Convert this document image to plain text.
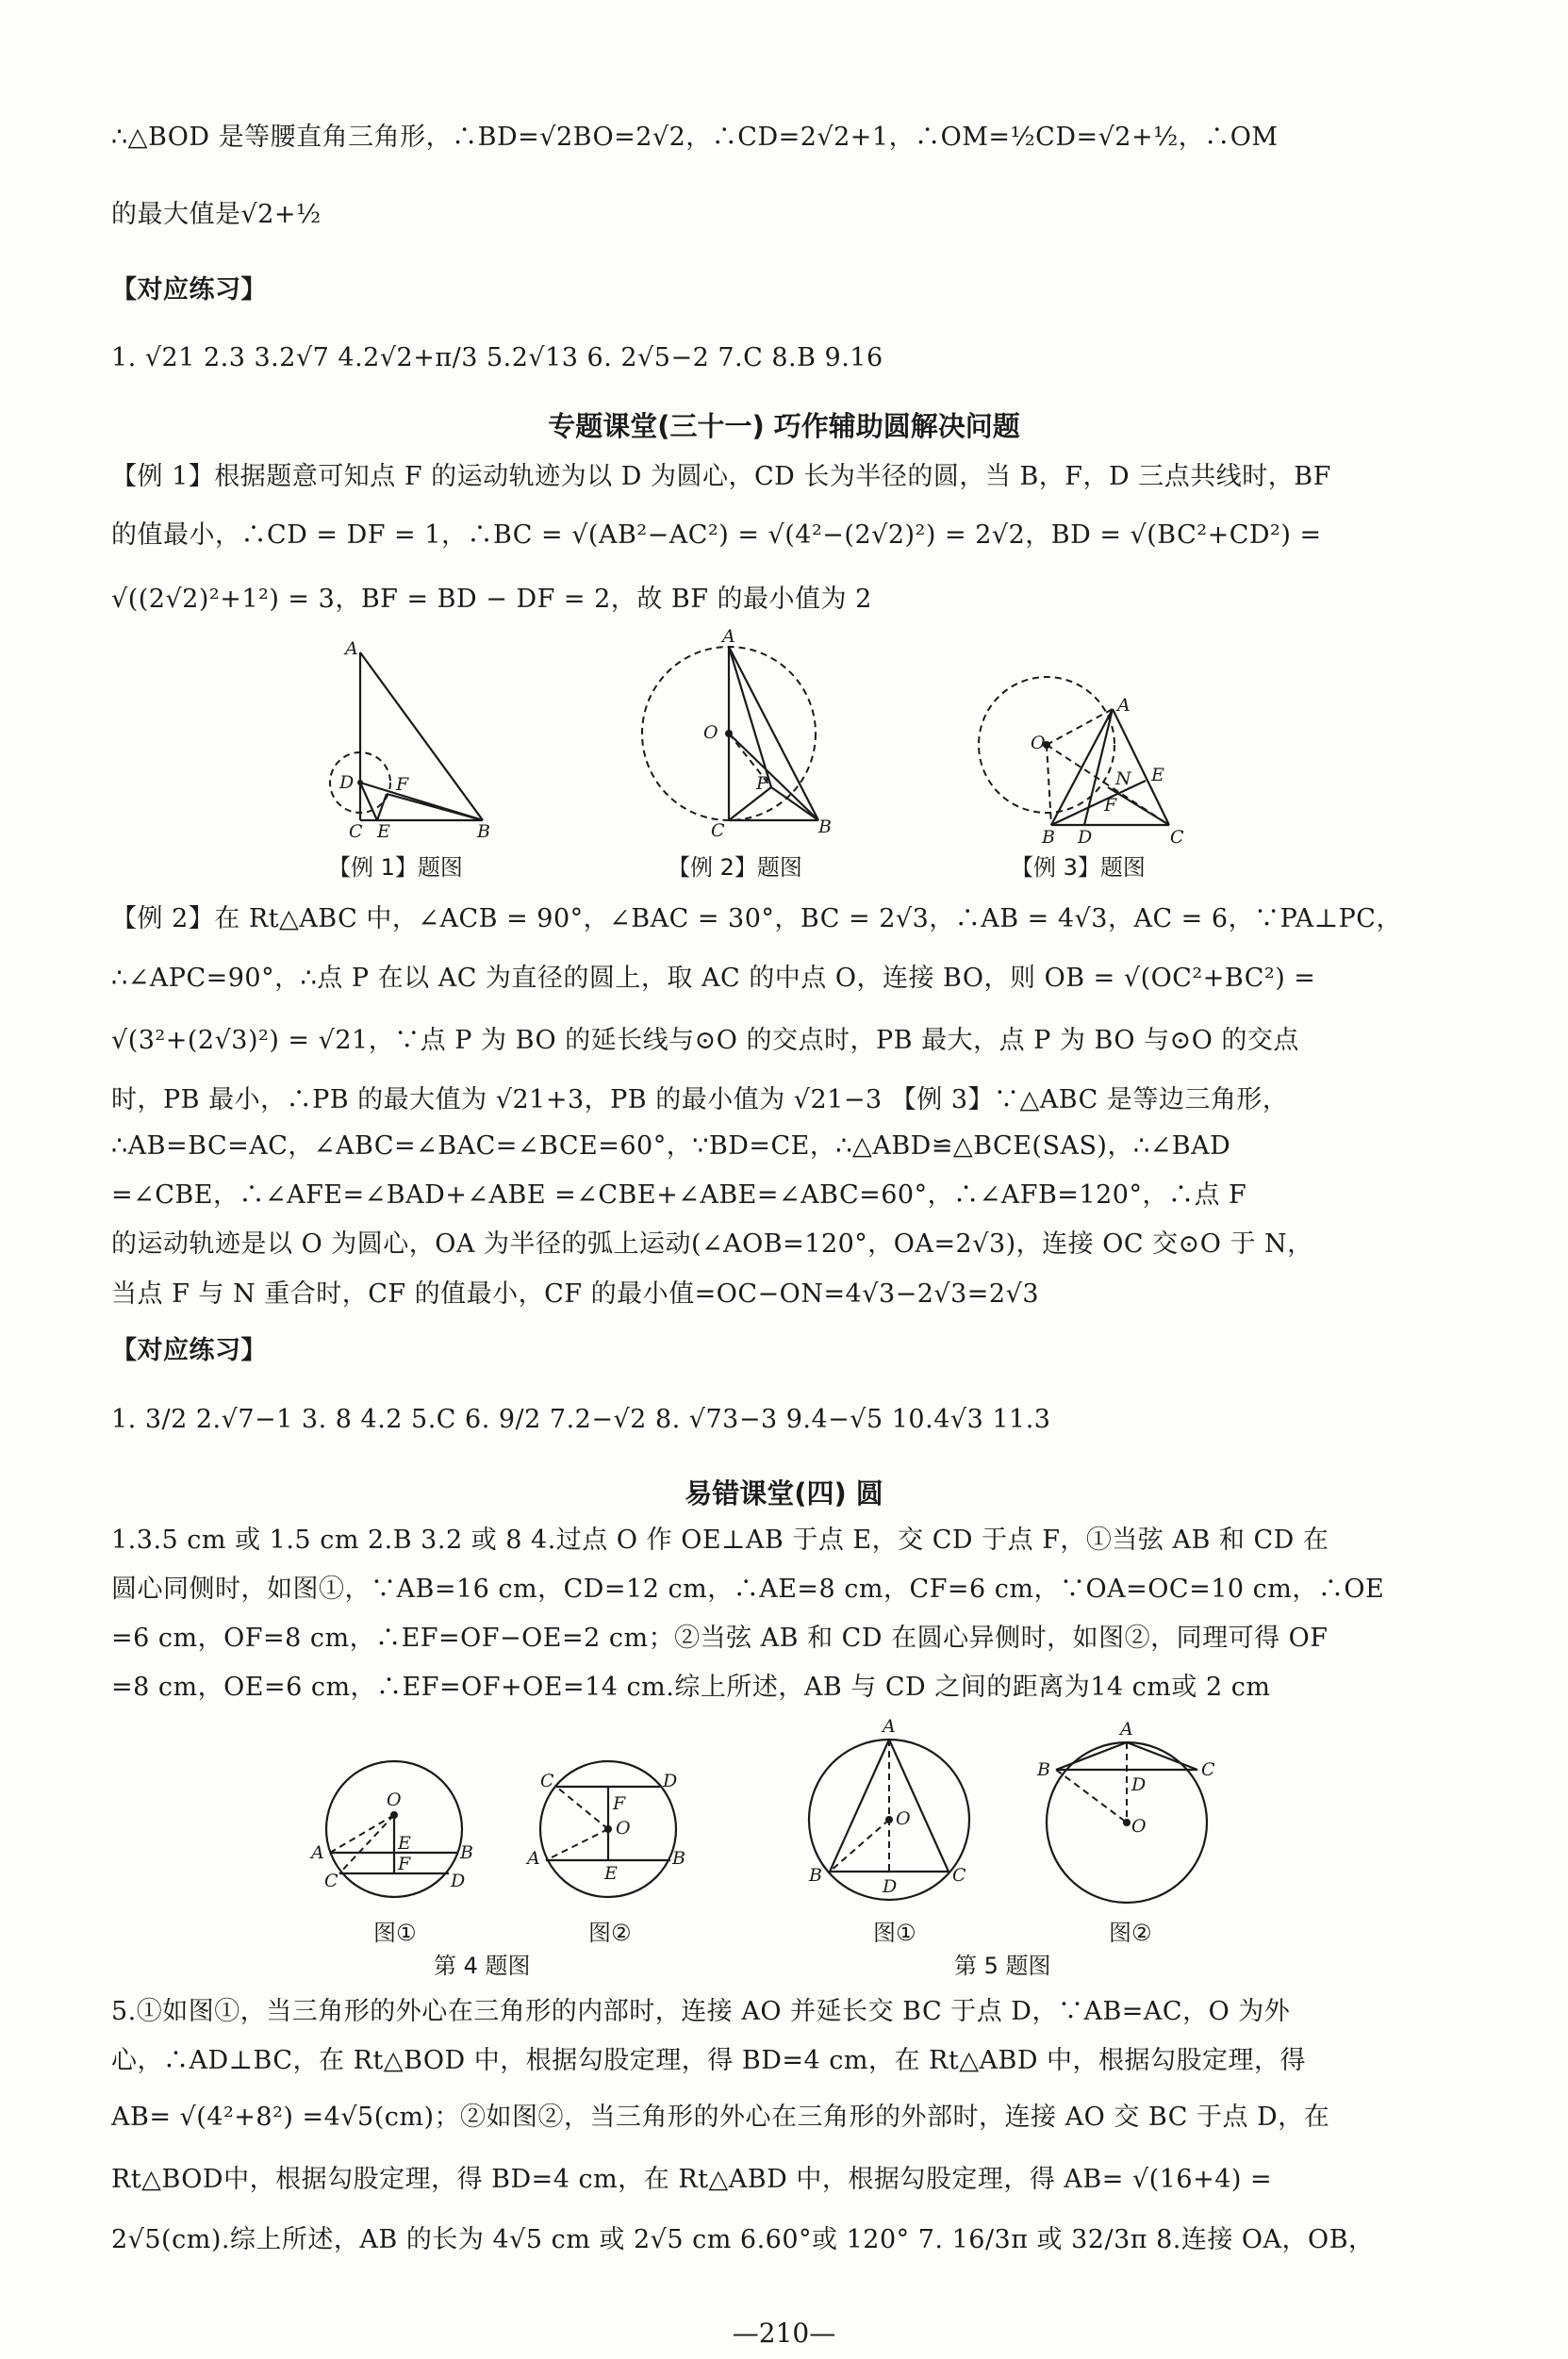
∴△BOD 是等腰直角三角形，∴BD=√2BO=2√2，∴CD=2√2+1，∴OM=½CD=√2+½，∴OM
的最大值是√2+½
【对应练习】
1. √21 2.3 3.2√7 4.2√2+π/3 5.2√13 6. 2√5−2 7.C 8.B 9.16
专题课堂(三十一) 巧作辅助圆解决问题
【例 1】根据题意可知点 F 的运动轨迹为以 D 为圆心，CD 长为半径的圆，当 B，F，D 三点共线时，BF
的值最小，∴CD = DF = 1，∴BC = √(AB²−AC²) = √(4²−(2√2)²) = 2√2，BD = √(BC²+CD²) =
√((2√2)²+1²) = 3，BF = BD − DF = 2，故 BF 的最小值为 2
A
D F
C E	B
A
O
P
C	B
A
O
N E
F
B D	C
【例 1】题图	【例 2】题图	【例 3】题图
【例 2】在 Rt△ABC 中，∠ACB = 90°，∠BAC = 30°，BC = 2√3，∴AB = 4√3，AC = 6，∵PA⊥PC，
∴∠APC=90°，∴点 P 在以 AC 为直径的圆上，取 AC 的中点 O，连接 BO，则 OB = √(OC²+BC²) =
√(3²+(2√3)²) = √21，∵点 P 为 BO 的延长线与⊙O 的交点时，PB 最大，点 P 为 BO 与⊙O 的交点
时，PB 最小，∴PB 的最大值为 √21+3，PB 的最小值为 √21−3 【例 3】∵△ABC 是等边三角形，
∴AB=BC=AC，∠ABC=∠BAC=∠BCE=60°，∵BD=CE，∴△ABD≌△BCE(SAS)，∴∠BAD
=∠CBE，∴∠AFE=∠BAD+∠ABE =∠CBE+∠ABE=∠ABC=60°，∴∠AFB=120°，∴点 F
的运动轨迹是以 O 为圆心，OA 为半径的弧上运动(∠AOB=120°，OA=2√3)，连接 OC 交⊙O 于 N，
当点 F 与 N 重合时，CF 的值最小，CF 的最小值=OC−ON=4√3−2√3=2√3
【对应练习】
1. 3/2 2.√7−1 3. 8 4.2 5.C 6. 9/2 7.2−√2 8. √73−3 9.4−√5 10.4√3 11.3
易错课堂(四) 圆
1.3.5 cm 或 1.5 cm 2.B 3.2 或 8 4.过点 O 作 OE⊥AB 于点 E，交 CD 于点 F，①当弦 AB 和 CD 在
圆心同侧时，如图①，∵AB=16 cm，CD=12 cm，∴AE=8 cm，CF=6 cm，∵OA=OC=10 cm，∴OE
=6 cm，OF=8 cm，∴EF=OF−OE=2 cm；②当弦 AB 和 CD 在圆心异侧时，如图②，同理可得 OF
=8 cm，OE=6 cm，∴EF=OF+OE=14 cm.综上所述，AB 与 CD 之间的距离为14 cm或 2 cm
O
E
F
A	B
C	D
C	D
F
O
A	B
E
A
O
B
D
C
A
B	C
D
O
图①	图②	图①	图②
第 4 题图	第 5 题图
5.①如图①，当三角形的外心在三角形的内部时，连接 AO 并延长交 BC 于点 D，∵AB=AC，O 为外
心，∴AD⊥BC，在 Rt△BOD 中，根据勾股定理，得 BD=4 cm，在 Rt△ABD 中，根据勾股定理，得
AB= √(4²+8²) =4√5(cm)；②如图②，当三角形的外心在三角形的外部时，连接 AO 交 BC 于点 D，在
Rt△BOD中，根据勾股定理，得 BD=4 cm，在 Rt△ABD 中，根据勾股定理，得 AB= √(16+4) =
2√5(cm).综上所述，AB 的长为 4√5 cm 或 2√5 cm 6.60°或 120° 7. 16/3π 或 32/3π 8.连接 OA，OB，
—210—
